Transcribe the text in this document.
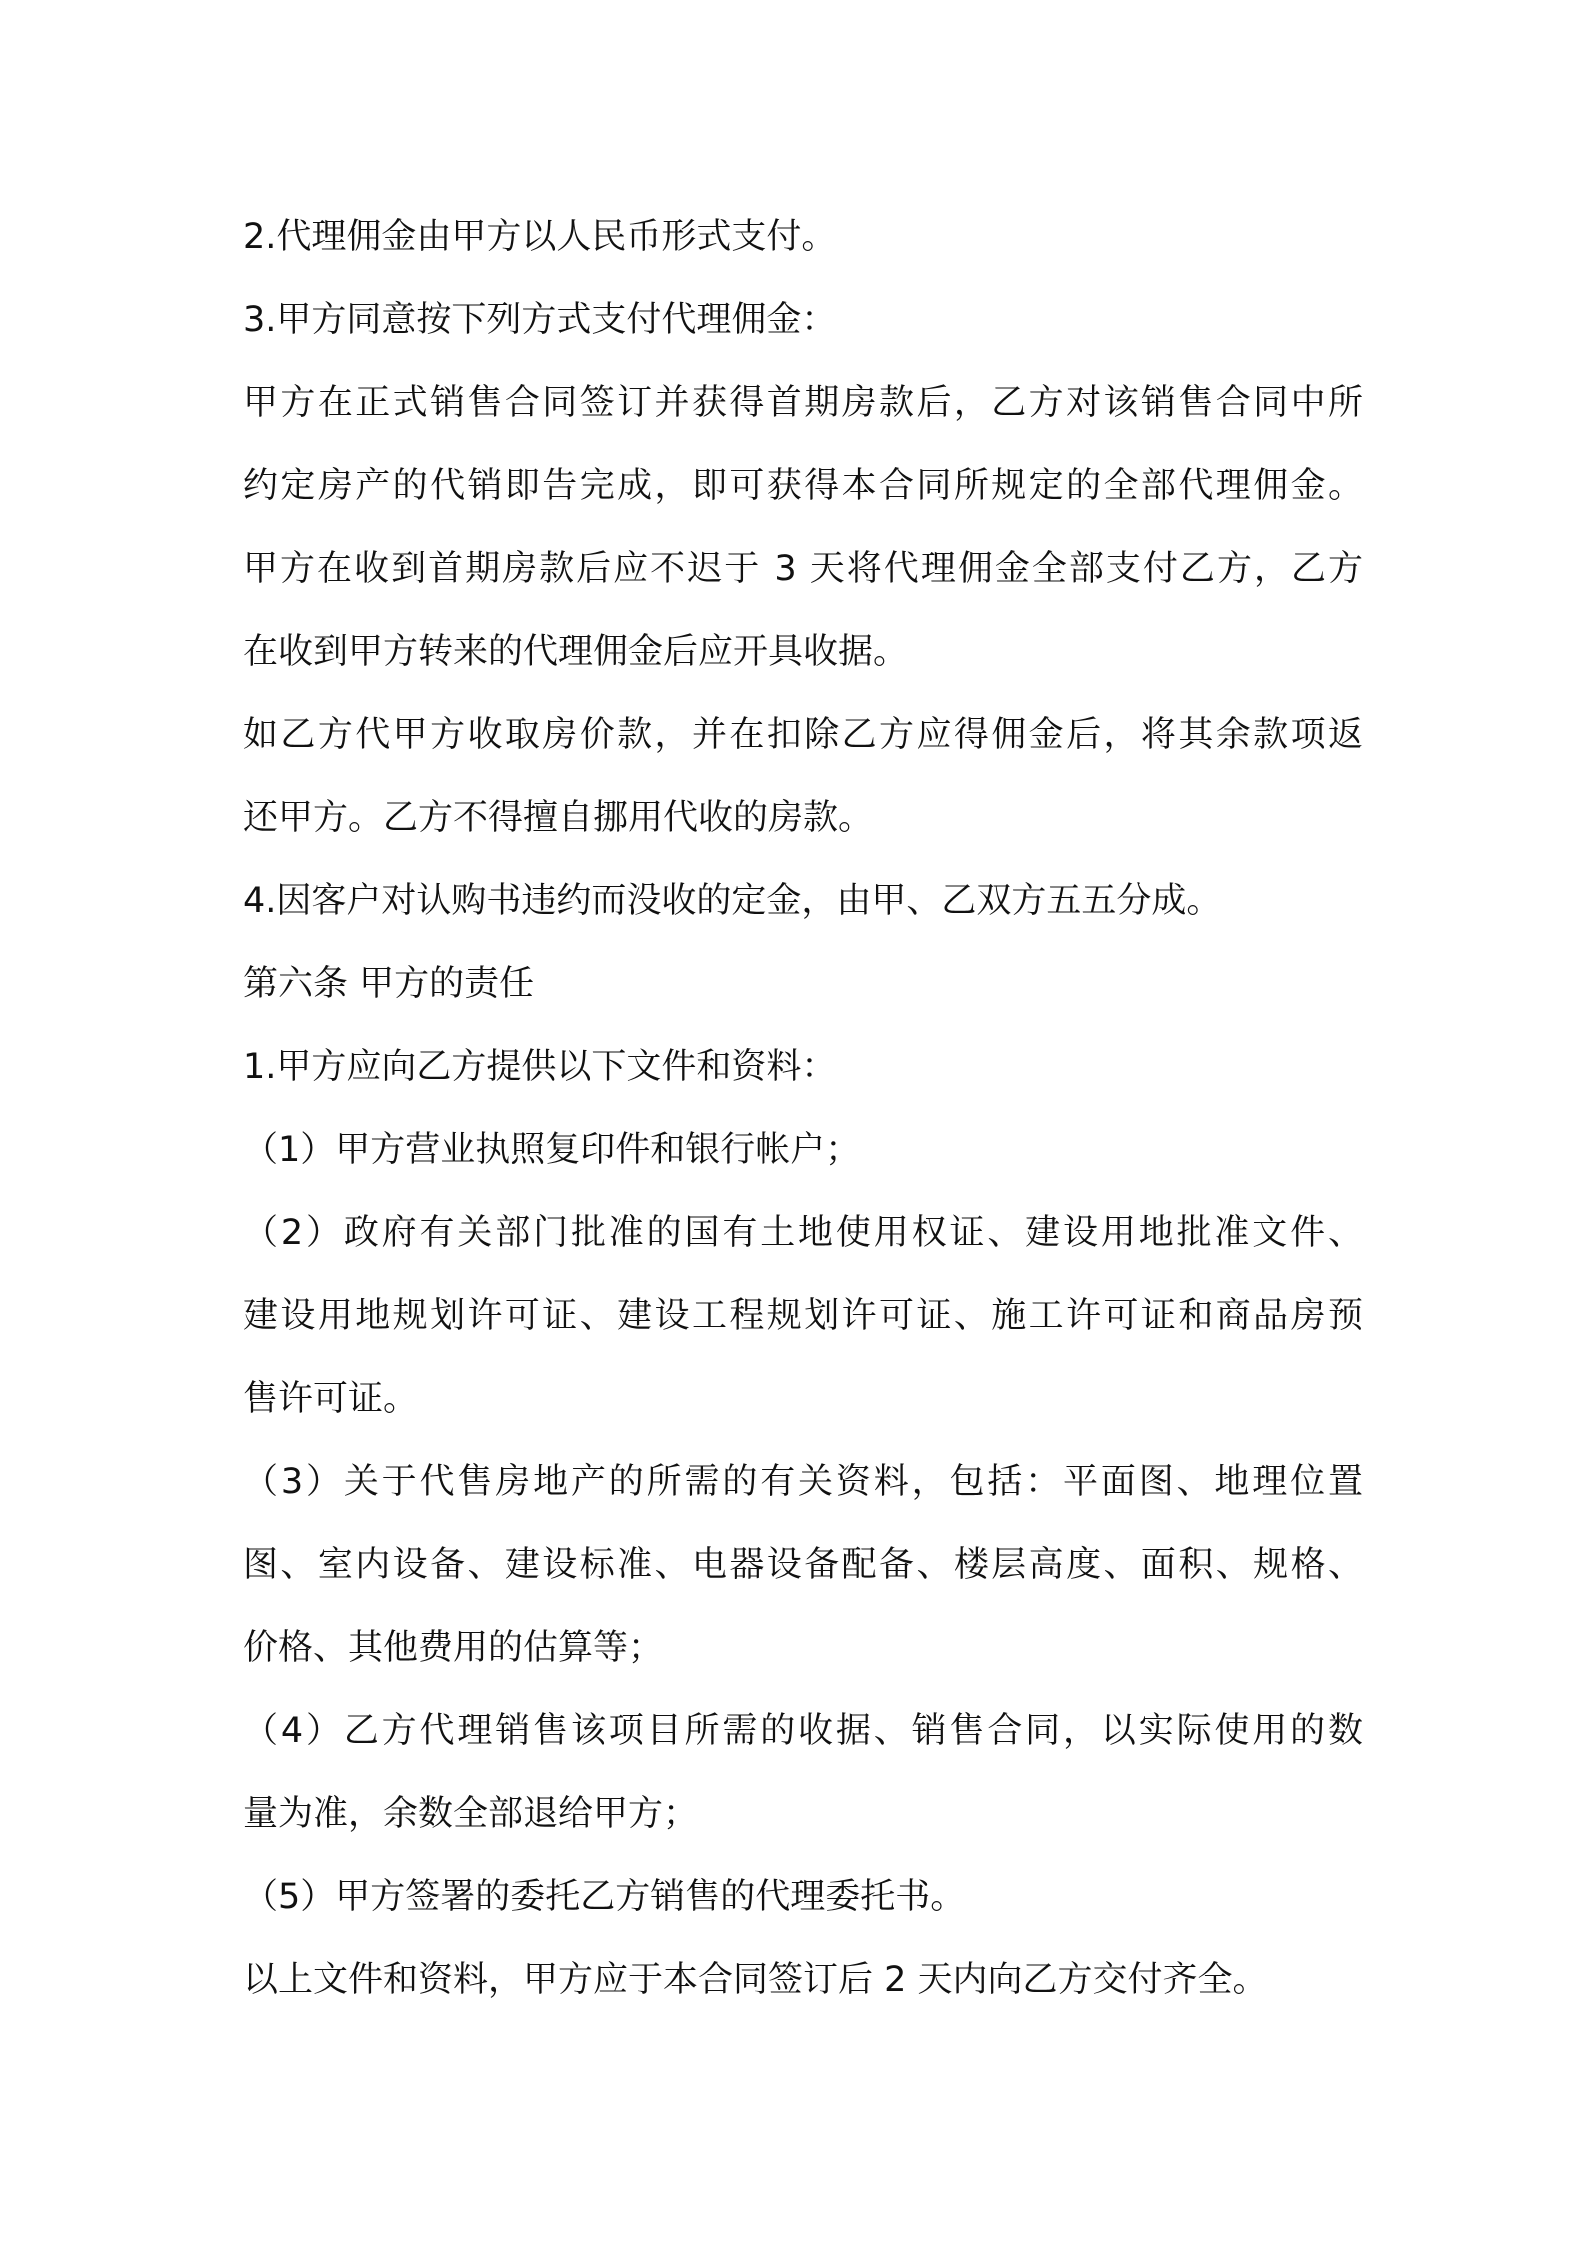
2.代理佣金由甲方以人民币形式支付。
3.甲方同意按下列方式支付代理佣金：
甲方在正式销售合同签订并获得首期房款后，乙方对该销售合同中所
约定房产的代销即告完成，即可获得本合同所规定的全部代理佣金。
甲方在收到首期房款后应不迟于 3 天将代理佣金全部支付乙方，乙方
在收到甲方转来的代理佣金后应开具收据。
如乙方代甲方收取房价款，并在扣除乙方应得佣金后，将其余款项返
还甲方。乙方不得擅自挪用代收的房款。
4.因客户对认购书违约而没收的定金，由甲、乙双方五五分成。
第六条 甲方的责任
1.甲方应向乙方提供以下文件和资料：
（1）甲方营业执照复印件和银行帐户；
（2）政府有关部门批准的国有土地使用权证、建设用地批准文件、
建设用地规划许可证、建设工程规划许可证、施工许可证和商品房预
售许可证。
（3）关于代售房地产的所需的有关资料，包括：平面图、地理位置
图、室内设备、建设标准、电器设备配备、楼层高度、面积、规格、
价格、其他费用的估算等；
（4）乙方代理销售该项目所需的收据、销售合同，以实际使用的数
量为准，余数全部退给甲方；
（5）甲方签署的委托乙方销售的代理委托书。
以上文件和资料，甲方应于本合同签订后 2 天内向乙方交付齐全。
